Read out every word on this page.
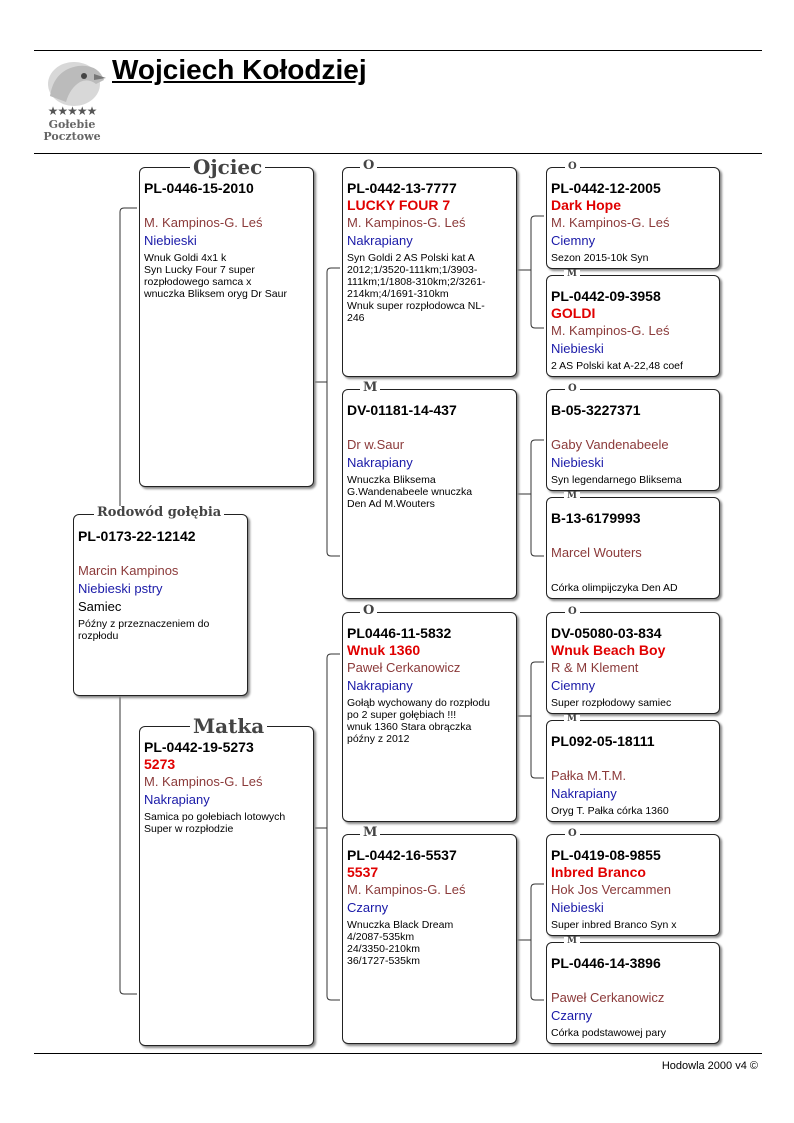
★★★★★
Gołebie
Pocztowe
Wojciech Kołodziej
PL-0173-22-12142
Marcin Kampinos
Niebieski pstry
Samiec
Późny z przeznaczeniem do
rozpłodu
Rodowód gołębia
PL-0446-15-2010
M. Kampinos-G. Leś
Niebieski
Wnuk Goldi 4x1 k
Syn Lucky Four 7 super
rozpłodowego samca x
wnuczka Bliksem oryg Dr Saur
Ojciec
PL-0442-19-5273
5273
M. Kampinos-G. Leś
Nakrapiany
Samica po gołebiach lotowych
Super w rozpłodzie
Matka
PL-0442-13-7777
LUCKY FOUR 7
M. Kampinos-G. Leś
Nakrapiany
Syn Goldi 2 AS Polski kat A
2012;1/3520-111km;1/3903-
111km;1/1808-310km;2/3261-
214km;4/1691-310km
Wnuk super rozpłodowca NL-
246
O
DV-01181-14-437
Dr w.Saur
Nakrapiany
Wnuczka Bliksema
G.Wandenabeele wnuczka
Den Ad M.Wouters
M
PL0446-11-5832
Wnuk 1360
Paweł Cerkanowicz
Nakrapiany
Gołąb wychowany do rozpłodu
po 2 super gołębiach !!!
wnuk 1360 Stara obrączka
późny z 2012
O
PL-0442-16-5537
5537
M. Kampinos-G. Leś
Czarny
Wnuczka Black Dream
4/2087-535km
24/3350-210km
36/1727-535km
M
PL-0442-12-2005
Dark Hope
M. Kampinos-G. Leś
Ciemny
Sezon 2015-10k Syn
O
PL-0442-09-3958
GOLDI
M. Kampinos-G. Leś
Niebieski
2 AS Polski kat A-22,48 coef
M
B-05-3227371
Gaby Vandenabeele
Niebieski
Syn legendarnego Bliksema
O
B-13-6179993
Marcel Wouters
Córka olimpijczyka Den AD
M
DV-05080-03-834
Wnuk Beach Boy
R & M Klement
Ciemny
Super rozpłodowy samiec
O
PL092-05-18111
Pałka M.T.M.
Nakrapiany
Oryg T. Pałka córka 1360
M
PL-0419-08-9855
Inbred Branco
Hok Jos Vercammen
Niebieski
Super inbred Branco Syn x
O
PL-0446-14-3896
Paweł Cerkanowicz
Czarny
Córka podstawowej pary
M
Hodowla 2000 v4 ©
